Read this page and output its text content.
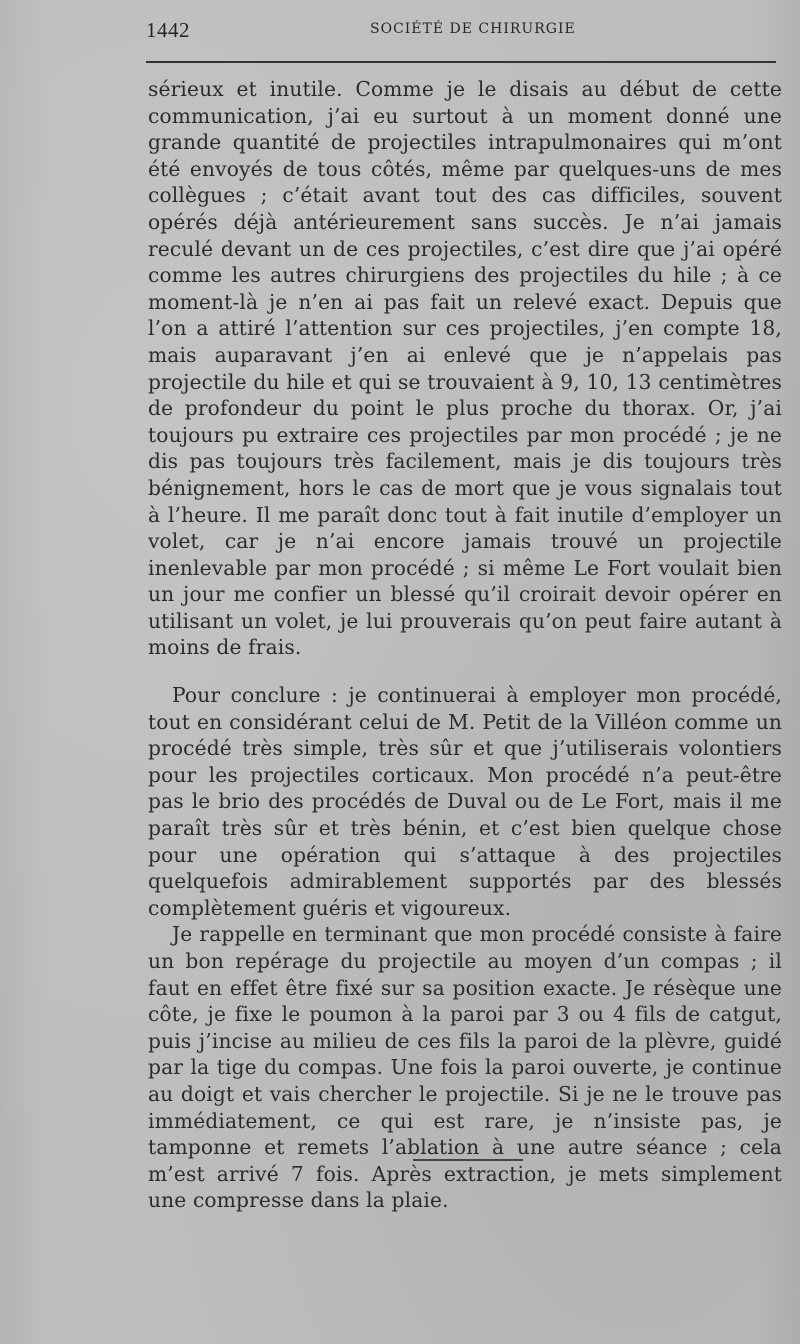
1442	SOCIÉTÉ DE CHIRURGIE

sérieux et inutile. Comme je le disais au début de cette communication, j’ai eu surtout à un moment donné une grande quantité de projectiles intrapulmonaires qui m’ont été envoyés de tous côtés, même par quelques-uns de mes collègues ; c’était avant tout des cas difficiles, souvent opérés déjà antérieurement sans succès. Je n’ai jamais reculé devant un de ces projectiles, c’est dire que j’ai opéré comme les autres chirurgiens des projectiles du hile ; à ce moment-là je n’en ai pas fait un relevé exact. Depuis que l’on a attiré l’attention sur ces projectiles, j’en compte 18, mais auparavant j’en ai enlevé que je n’appelais pas projectile du hile et qui se trouvaient à 9, 10, 13 centimètres de profondeur du point le plus proche du thorax. Or, j’ai toujours pu extraire ces projectiles par mon procédé ; je ne dis pas toujours très facilement, mais je dis toujours très bénignement, hors le cas de mort que je vous signalais tout à l’heure. Il me paraît donc tout à fait inutile d’employer un volet, car je n’ai encore jamais trouvé un projectile inenlevable par mon procédé ; si même Le Fort voulait bien un jour me confier un blessé qu’il croirait devoir opérer en utilisant un volet, je lui prouverais qu’on peut faire autant à moins de frais.

Pour conclure : je continuerai à employer mon procédé, tout en considérant celui de M. Petit de la Villéon comme un procédé très simple, très sûr et que j’utiliserais volontiers pour les projectiles corticaux. Mon procédé n’a peut-être pas le brio des procédés de Duval ou de Le Fort, mais il me paraît très sûr et très bénin, et c’est bien quelque chose pour une opération qui s’attaque à des projectiles quelquefois admirablement supportés par des blessés complètement guéris et vigoureux.

Je rappelle en terminant que mon procédé consiste à faire un bon repérage du projectile au moyen d’un compas ; il faut en effet être fixé sur sa position exacte. Je résèque une côte, je fixe le poumon à la paroi par 3 ou 4 fils de catgut, puis j’incise au milieu de ces fils la paroi de la plèvre, guidé par la tige du compas. Une fois la paroi ouverte, je continue au doigt et vais chercher le projectile. Si je ne le trouve pas immédiatement, ce qui est rare, je n’insiste pas, je tamponne et remets l’ablation à une autre séance ; cela m’est arrivé 7 fois. Après extraction, je mets simplement une compresse dans la plaie.
